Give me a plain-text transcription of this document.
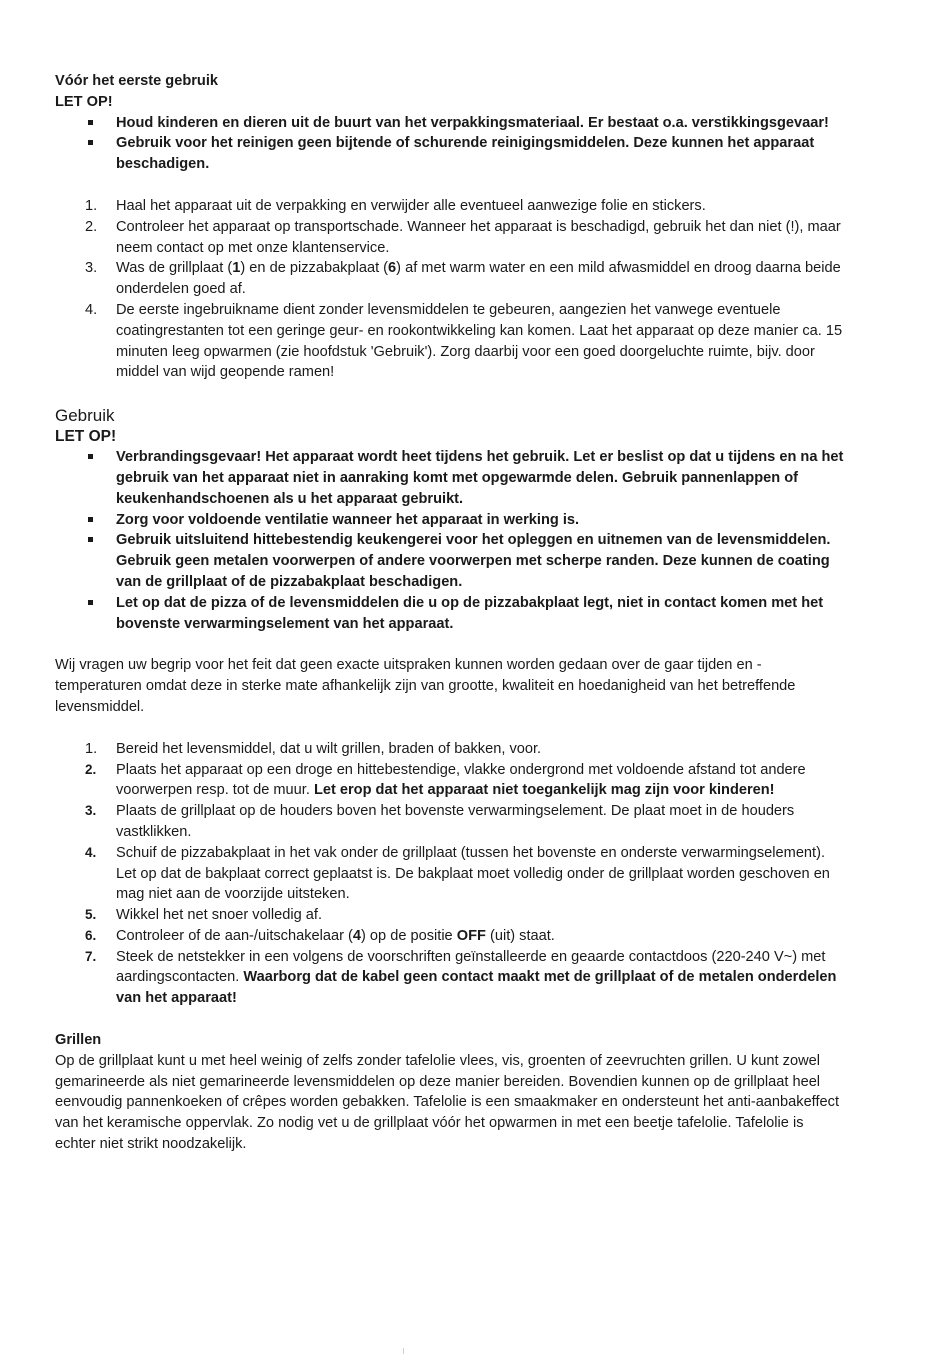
Vóór het eerste gebruik
LET OP!
Houd kinderen en dieren uit de buurt van het verpakkingsmateriaal. Er bestaat o.a. verstikkingsgevaar!
Gebruik voor het reinigen geen bijtende of schurende reinigingsmiddelen. Deze kunnen het apparaat beschadigen.
1. Haal het apparaat uit de verpakking en verwijder alle eventueel aanwezige folie en stickers.
2. Controleer het apparaat op transportschade. Wanneer het apparaat is beschadigd, gebruik het dan niet (!), maar neem contact op met onze klantenservice.
3. Was de grillplaat (1) en de pizzabakplaat (6) af met warm water en een mild afwasmiddel en droog daarna beide onderdelen goed af.
4. De eerste ingebruikname dient zonder levensmiddelen te gebeuren, aangezien het vanwege eventuele coatingrestanten tot een geringe geur- en rookontwikkeling kan komen. Laat het apparaat op deze manier ca. 15 minuten leeg opwarmen (zie hoofdstuk 'Gebruik'). Zorg daarbij voor een goed doorgeluchte ruimte, bijv. door middel van wijd geopende ramen!
Gebruik
LET OP!
Verbrandingsgevaar! Het apparaat wordt heet tijdens het gebruik. Let er beslist op dat u tijdens en na het gebruik van het apparaat niet in aanraking komt met opgewarmde delen. Gebruik pannenlappen of keukenhandschoenen als u het apparaat gebruikt.
Zorg voor voldoende ventilatie wanneer het apparaat in werking is.
Gebruik uitsluitend hittebestendig keukengerei voor het opleggen en uitnemen van de levensmiddelen. Gebruik geen metalen voorwerpen of andere voorwerpen met scherpe randen. Deze kunnen de coating van de grillplaat of de pizzabakplaat beschadigen.
Let op dat de pizza of de levensmiddelen die u op de pizzabakplaat legt, niet in contact komen met het bovenste verwarmingselement van het apparaat.

Wij vragen uw begrip voor het feit dat geen exacte uitspraken kunnen worden gedaan over de gaar tijden en -temperaturen omdat deze in sterke mate afhankelijk zijn van grootte, kwaliteit en hoedanigheid van het betreffende levensmiddel.

1. Bereid het levensmiddel, dat u wilt grillen, braden of bakken, voor.
2. Plaats het apparaat op een droge en hittebestendige, vlakke ondergrond met voldoende afstand tot andere voorwerpen resp. tot de muur. Let erop dat het apparaat niet toegankelijk mag zijn voor kinderen!
3. Plaats de grillplaat op de houders boven het bovenste verwarmingselement. De plaat moet in de houders vastklikken.
4. Schuif de pizzabakplaat in het vak onder de grillplaat (tussen het bovenste en onderste verwarmingselement). Let op dat de bakplaat correct geplaatst is. De bakplaat moet volledig onder de grillplaat worden geschoven en mag niet aan de voorzijde uitsteken.
5. Wikkel het net snoer volledig af.
6. Controleer of de aan-/uitschakelaar (4) op de positie OFF (uit) staat.
7. Steek de netstekker in een volgens de voorschriften geïnstalleerde en geaarde contactdoos (220-240 V~) met aardingscontacten. Waarborg dat de kabel geen contact maakt met de grillplaat of de metalen onderdelen van het apparaat!
Grillen

Op de grillplaat kunt u met heel weinig of zelfs zonder tafelolie vlees, vis, groenten of zeevruchten grillen. U kunt zowel gemarineerde als niet gemarineerde levensmiddelen op deze manier bereiden. Bovendien kunnen op de grillplaat heel eenvoudig pannenkoeken of crêpes worden gebakken. Tafelolie is een smaakmaker en ondersteunt het anti-aanbakeffect van het keramische oppervlak. Zo nodig vet u de grillplaat vóór het opwarmen in met een beetje tafelolie. Tafelolie is echter niet strikt noodzakelijk.
